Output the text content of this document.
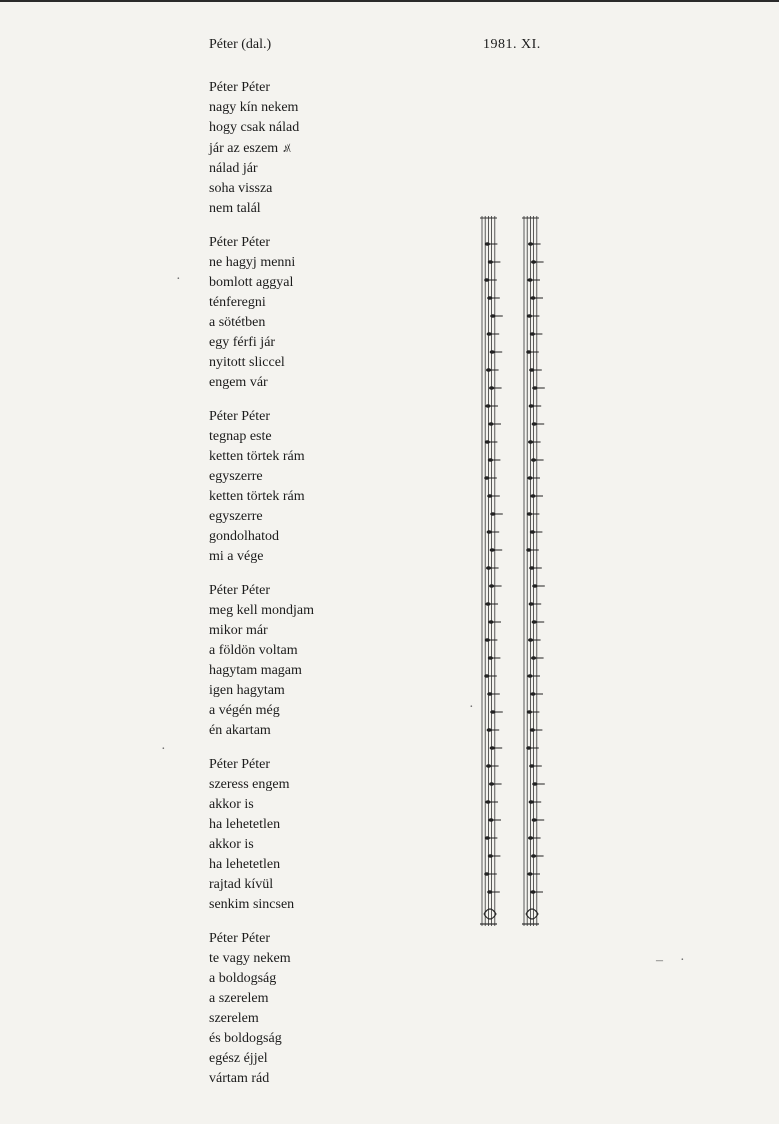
Péter (dal.)	1981. XI.
Péter Péter
nagy kín nekem
hogy csak nálad
jár az eszem ♪̸\

nálad jár
soha vissza
nem talál
Péter Péter
ne hagyj menni
bomlott aggyal
ténferegni
a sötétben
egy férfi jár
nyitott sliccel
engem vár
Péter Péter
tegnap este
ketten törtek rám
egyszerre
ketten törtek rám
egyszerre
gondolhatod
mi a vége
Péter Péter
meg kell mondjam
mikor már
a földön voltam
hagytam magam
igen hagytam
a végén még
én akartam
Péter Péter
szeress engem
akkor is
ha lehetetlen
akkor is
ha lehetetlen
rajtad kívül
senkim sincsen
Péter Péter
te vagy nekem
a boldogság
a szerelem
szerelem
és boldogság
egész éjjel
vártam rád
·
·
·
– ·
